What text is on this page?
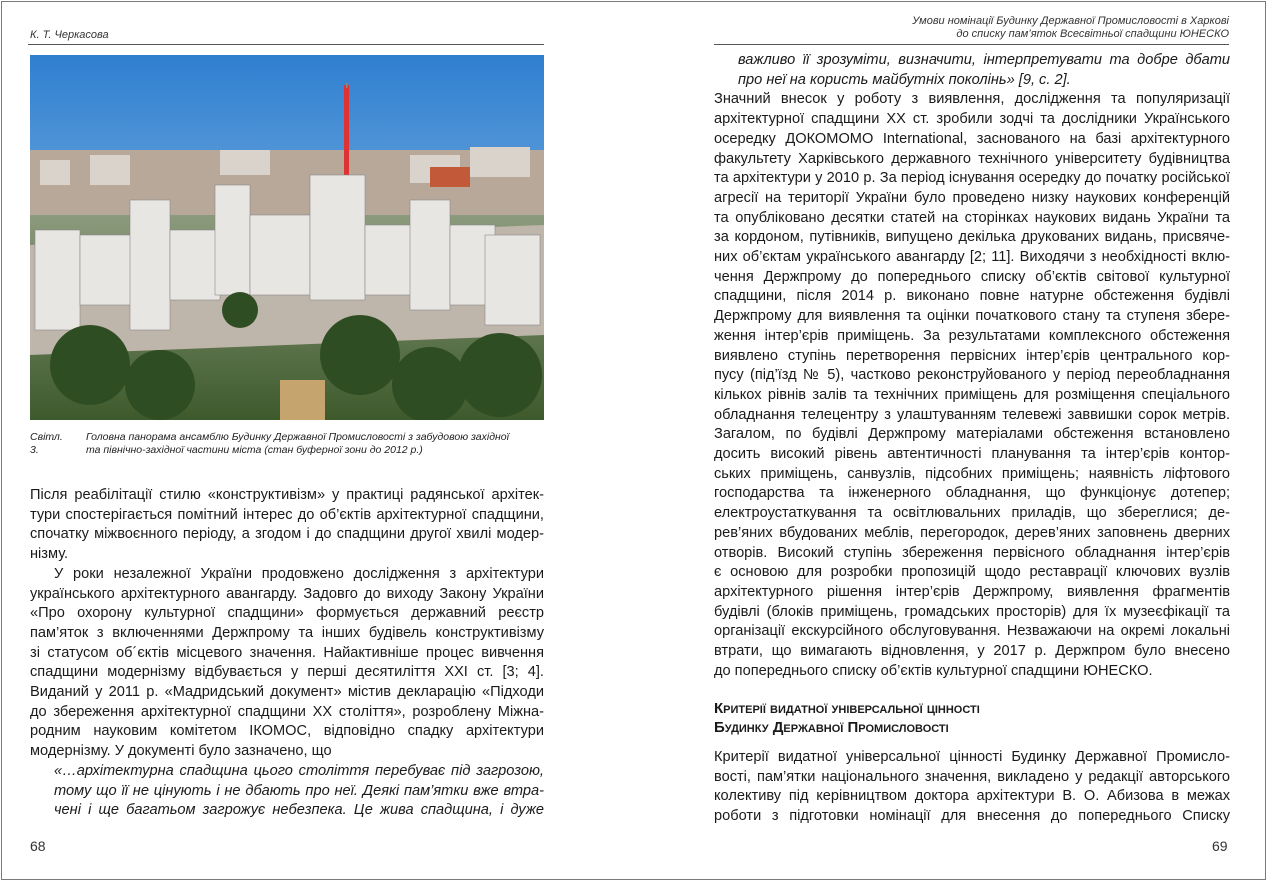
К. Т. Черкасова
Світл. 3.
Головна панорама ансамблю Будинку Державної Промисловості з забудовою західної
та північно-західної частини міста (стан буферної зони до 2012 р.)
Після реабілітації стилю «конструктивізм» у практиці радянської архітек-
тури спостерігається помітний інтерес до об’єктів архітектурної спадщини,
спочатку міжвоєнного періоду, а згодом і до спадщини другої хвилі модер-
нізму.
У роки незалежної України продовжено дослідження з архітектури
українського архітектурного авангарду. Задовго до виходу Закону України
«Про охорону культурної спадщини» формується державний реєстр
пам’яток з включеннями Держпрому та інших будівель конструктивізму
зі статусом об´єктів місцевого значення. Найактивніше процес вивчення
спадщини модернізму відбувається у перші десятиліття XXI ст. [3; 4].
Виданий у 2011 р. «Мадридський документ» містив декларацію «Підходи
до збереження архітектурної спадщини XX століття», розроблену Міжна-
родним науковим комітетом ІКОМОС, відповідно спадку архітектури
модернізму. У документі було зазначено, що
«…архітектурна спадщина цього століття перебуває під загрозою,
тому що її не цінують і не дбають про неї. Деякі пам’ятки вже втра-
чені і ще багатьом загрожує небезпека. Це жива спадщина, і дуже
68
Умови номінації Будинку Державної Промисловості в Харкові
до списку пам’яток Всесвітньої спадщини ЮНЕСКО
важливо її зрозуміти, визначити, інтерпретувати та добре дбати
про неї на користь майбутніх поколінь» [9, с. 2].
Значний внесок у роботу з виявлення, дослідження та популяризації
архітектурної спадщини XX ст. зробили зодчі та дослідники Українського
осередку ДОКОМОМО International, заснованого на базі архітектурного
факультету Харківського державного технічного університету будівництва
та архітектури у 2010 р. За період існування осередку до початку російської
агресії на території України було проведено низку наукових конференцій
та опубліковано десятки статей на сторінках наукових видань України та
за кордоном, путівників, випущено декілька друкованих видань, присвяче-
них об’єктам українського авангарду [2; 11]. Виходячи з необхідності вклю-
чення Держпрому до попереднього списку об’єктів світової культурної
спадщини, після 2014 р. виконано повне натурне обстеження будівлі
Держпрому для виявлення та оцінки початкового стану та ступеня збере-
ження інтер’єрів приміщень. За результатами комплексного обстеження
виявлено ступінь перетворення первісних інтер’єрів центрального кор-
пусу (під’їзд № 5), частково реконструйованого у період переобладнання
кількох рівнів залів та технічних приміщень для розміщення спеціального
обладнання телецентру з улаштуванням телевежі заввишки сорок метрів.
Загалом, по будівлі Держпрому матеріалами обстеження встановлено
досить високий рівень автентичності планування та інтер’єрів контор-
ських приміщень, санвузлів, підсобних приміщень; наявність ліфтового
господарства та інженерного обладнання, що функціонує дотепер;
електроустаткування та освітлювальних приладів, що збереглися; де-
рев’яних вбудованих меблів, перегородок, дерев’яних заповнень дверних
отворів. Високий ступінь збереження первісного обладнання інтер’єрів
є основою для розробки пропозицій щодо реставрації ключових вузлів
архітектурного рішення інтер’єрів Держпрому, виявлення фрагментів
будівлі (блоків приміщень, громадських просторів) для їх музеєфікації та
організації екскурсійного обслуговування. Незважаючи на окремі локальні
втрати, що вимагають відновлення, у 2017 р. Держпром було внесено
до попереднього списку об’єктів культурної спадщини ЮНЕСКО.
Критерії видатної універсальної цінності
Будинку Державної Промисловості
Критерії видатної універсальної цінності Будинку Державної Промисло-
вості, пам’ятки національного значення, викладено у редакції авторського
колективу під керівництвом доктора архітектури В. О. Абизова в межах
роботи з підготовки номінації для внесення до попереднього Списку
69
